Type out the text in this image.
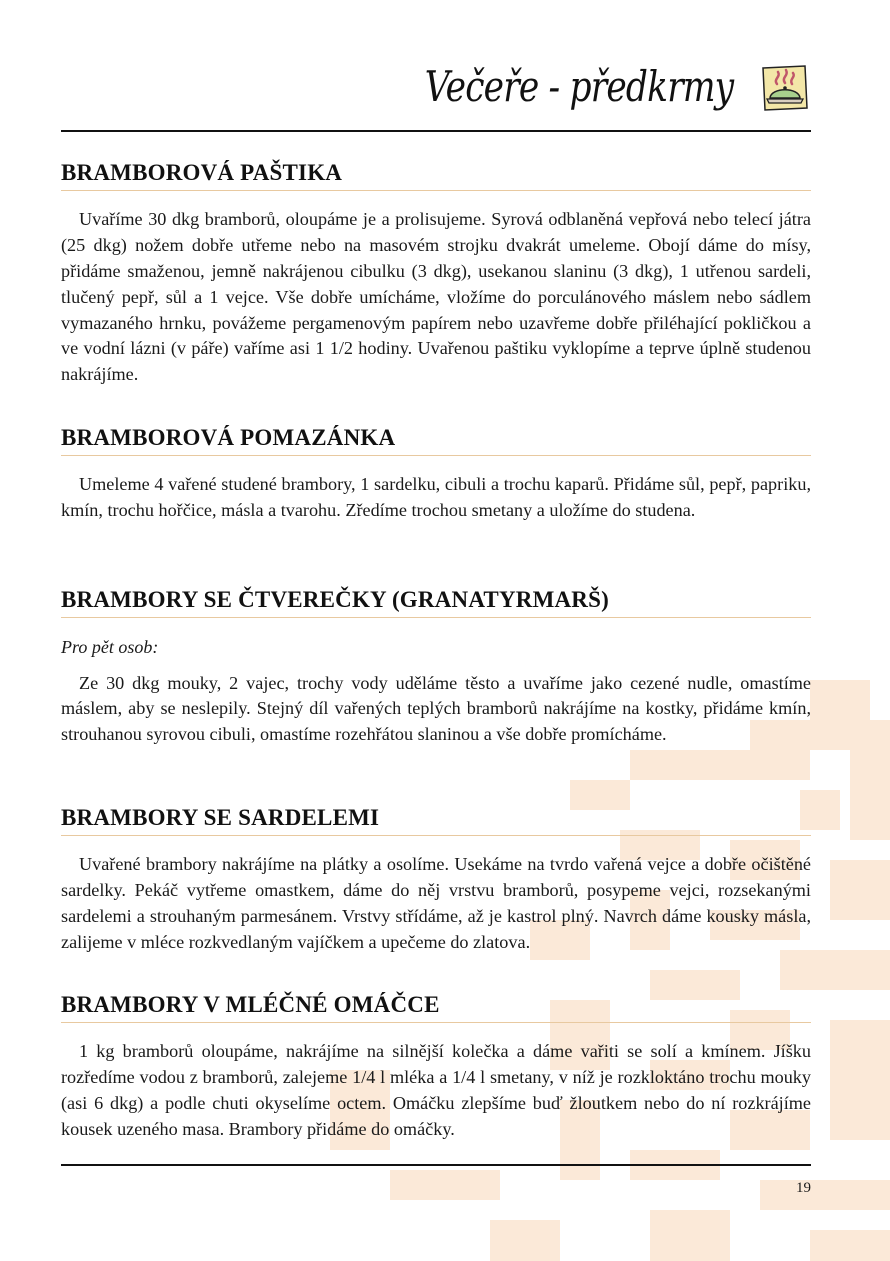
Večeře - předkrmy
BRAMBOROVÁ PAŠTIKA

Uvaříme 30 dkg bramborů, oloupáme je a prolisujeme. Syrová odblaněná vepřová nebo telecí játra (25 dkg) nožem dobře utřeme nebo na masovém strojku dvakrát umeleme. Obojí dáme do mísy, přidáme smaženou, jemně nakrájenou cibulku (3 dkg), usekanou slaninu (3 dkg), 1 utřenou sardeli, tlučený pepř, sůl a 1 vejce. Vše dobře umícháme, vložíme do porculánového máslem nebo sádlem vymazaného hrnku, povážeme pergamenovým papírem nebo uzavřeme dobře přiléhající pokličkou a ve vodní lázni (v páře) vaříme asi 1 1/2 hodiny. Uvařenou paštiku vyklopíme a teprve úplně studenou nakrájíme.

BRAMBOROVÁ POMAZÁNKA

Umeleme 4 vařené studené brambory, 1 sardelku, cibuli a trochu kaparů. Přidáme sůl, pepř, papriku, kmín, trochu hořčice, másla a tvarohu. Zředíme trochou smetany a uložíme do studena.

BRAMBORY SE ČTVEREČKY (GRANATYRMARŠ)
Pro pět osob:

Ze 30 dkg mouky, 2 vajec, trochy vody uděláme těsto a uvaříme jako cezené nudle, omastíme máslem, aby se neslepily. Stejný díl vařených teplých bramborů nakrájíme na kostky, přidáme kmín, strouhanou syrovou cibuli, omastíme rozehřátou slaninou a vše dobře promícháme.

BRAMBORY SE SARDELEMI

Uvařené brambory nakrájíme na plátky a osolíme. Usekáme na tvrdo vařená vejce a dobře očištěné sardelky. Pekáč vytřeme omastkem, dáme do něj vrstvu bramborů, posypeme vejci, rozsekanými sardelemi a strouhaným parmesánem. Vrstvy střídáme, až je kastrol plný. Navrch dáme kousky másla, zalijeme v mléce rozkvedlaným vajíčkem a upečeme do zlatova.

BRAMBORY V MLÉČNÉ OMÁČCE

1 kg bramborů oloupáme, nakrájíme na silnější kolečka a dáme vařiti se solí a kmínem. Jíšku rozředíme vodou z bramborů, zalejeme 1/4 l mléka a 1/4 l smetany, v níž je rozkloktáno trochu mouky (asi 6 dkg) a podle chuti okyselíme octem. Omáčku zlepšíme buď žloutkem nebo do ní rozkrájíme kousek uzeného masa. Brambory přidáme do omáčky.

19
